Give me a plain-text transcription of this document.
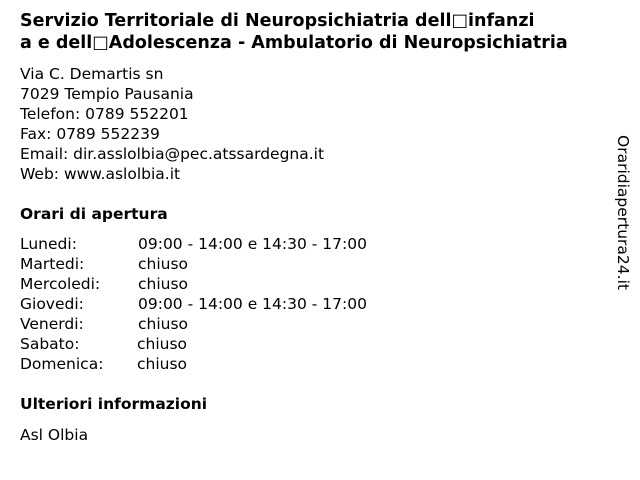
Servizio Territoriale di Neuropsichiatria dell□infanzi
a e dell□Adolescenza - Ambulatorio di Neuropsichiatria
Via C. Demartis sn
7029 Tempio Pausania
Telefon: 0789 552201
Fax: 0789 552239
Email: dir.asslolbia@pec.atssardegna.it
Web: www.aslolbia.it
Orari di apertura
Lunedi:	09:00 - 14:00 e 14:30 - 17:00
Martedi:	chiuso
Mercoledi: chiuso
Giovedi:	09:00 - 14:00 e 14:30 - 17:00
Venerdi:	chiuso
Sabato:	chiuso
Domenica: chiuso
Ulteriori informazioni
Asl Olbia
Oraridiapertura24.it
